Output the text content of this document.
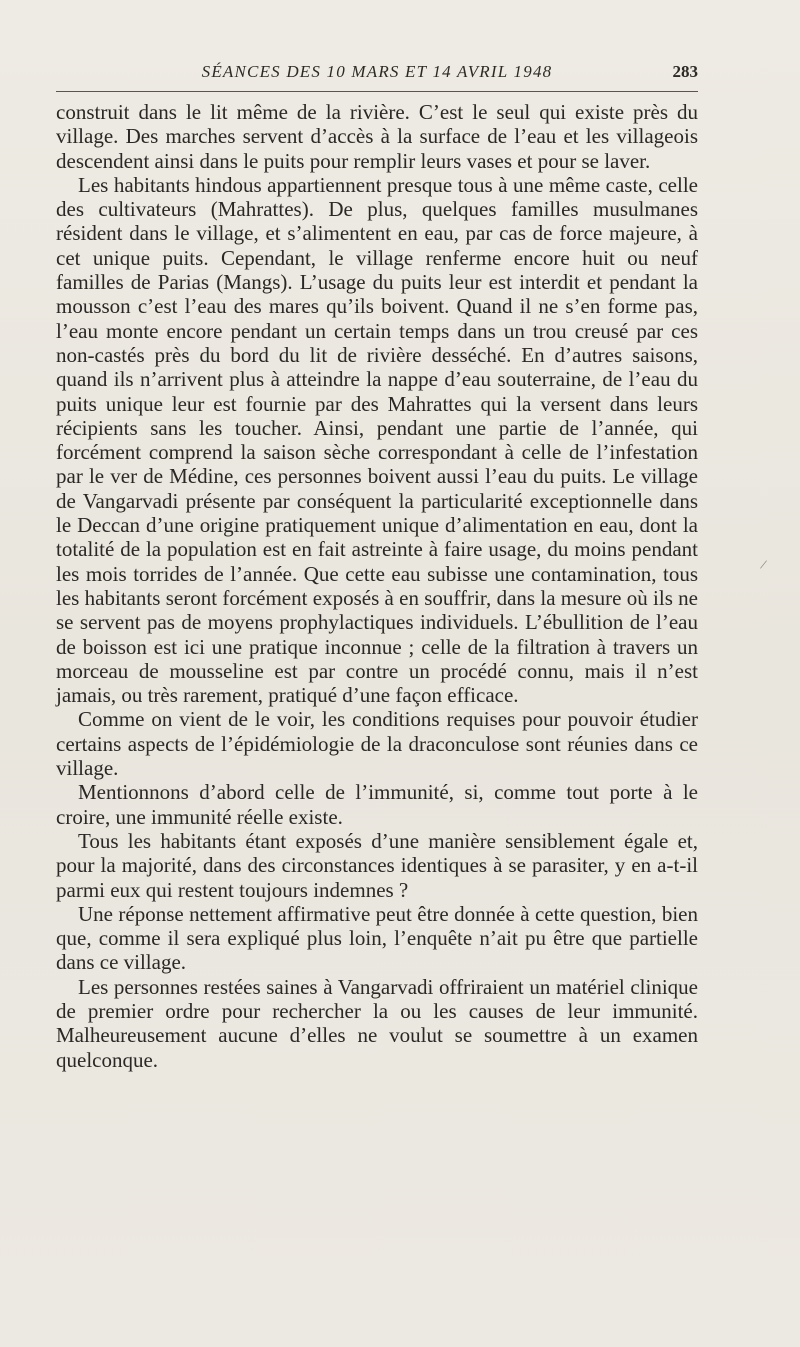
SÉANCES DES 10 MARS ET 14 AVRIL 1948	283

construit dans le lit même de la rivière. C’est le seul qui existe près du village. Des marches servent d’accès à la surface de l’eau et les villageois descendent ainsi dans le puits pour remplir leurs vases et pour se laver.

Les habitants hindous appartiennent presque tous à une même caste, celle des cultivateurs (Mahrattes). De plus, quelques familles musulmanes résident dans le village, et s’alimentent en eau, par cas de force majeure, à cet unique puits. Cependant, le village renferme encore huit ou neuf familles de Parias (Mangs). L’usage du puits leur est interdit et pendant la mousson c’est l’eau des mares qu’ils boivent. Quand il ne s’en forme pas, l’eau monte encore pendant un certain temps dans un trou creusé par ces non-castés près du bord du lit de rivière desséché. En d’autres saisons, quand ils n’arrivent plus à atteindre la nappe d’eau souterraine, de l’eau du puits unique leur est fournie par des Mahrattes qui la versent dans leurs récipients sans les toucher. Ainsi, pendant une partie de l’année, qui forcément comprend la saison sèche correspondant à celle de l’infestation par le ver de Médine, ces personnes boivent aussi l’eau du puits. Le village de Vangarvadi présente par conséquent la particularité exceptionnelle dans le Deccan d’une origine pratiquement unique d’alimentation en eau, dont la totalité de la population est en fait astreinte à faire usage, du moins pendant les mois torrides de l’année. Que cette eau subisse une contamination, tous les habitants seront forcément exposés à en souffrir, dans la mesure où ils ne se servent pas de moyens prophylactiques individuels. L’ébullition de l’eau de boisson est ici une pratique inconnue ; celle de la filtration à travers un morceau de mousseline est par contre un procédé connu, mais il n’est jamais, ou très rarement, pratiqué d’une façon efficace.

Comme on vient de le voir, les conditions requises pour pouvoir étudier certains aspects de l’épidémiologie de la draconculose sont réunies dans ce village.

Mentionnons d’abord celle de l’immunité, si, comme tout porte à le croire, une immunité réelle existe.

Tous les habitants étant exposés d’une manière sensiblement égale et, pour la majorité, dans des circonstances identiques à se parasiter, y en a-t-il parmi eux qui restent toujours indemnes ?

Une réponse nettement affirmative peut être donnée à cette question, bien que, comme il sera expliqué plus loin, l’enquête n’ait pu être que partielle dans ce village.

Les personnes restées saines à Vangarvadi offriraient un matériel clinique de premier ordre pour rechercher la ou les causes de leur immunité. Malheureusement aucune d’elles ne voulut se soumettre à un examen quelconque.

/
